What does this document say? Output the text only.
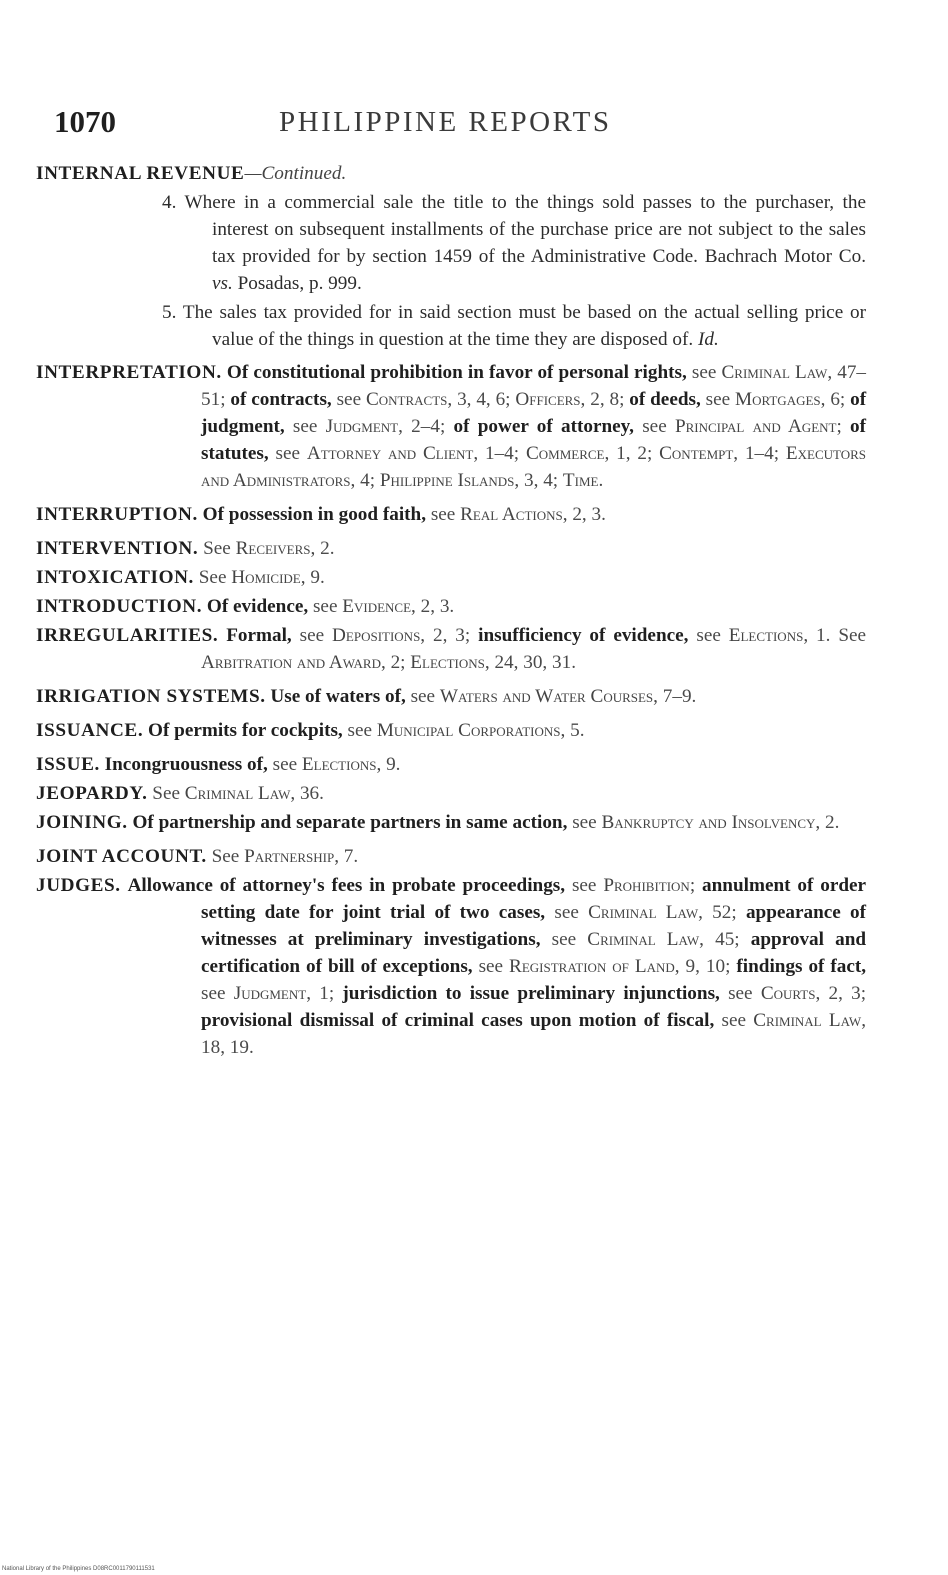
1070	PHILIPPINE REPORTS
INTERNAL REVENUE—Continued.
4. Where in a commercial sale the title to the things sold passes to the purchaser, the interest on subsequent installments of the purchase price are not subject to the sales tax provided for by section 1459 of the Administrative Code. Bachrach Motor Co. vs. Posadas, p. 999.
5. The sales tax provided for in said section must be based on the actual selling price or value of the things in question at the time they are disposed of. Id.
INTERPRETATION. Of constitutional prohibition in favor of personal rights, see Criminal Law, 47–51; of contracts, see Contracts, 3, 4, 6; Officers, 2, 8; of deeds, see Mortgages, 6; of judgment, see Judgment, 2–4; of power of attorney, see Principal and Agent; of statutes, see Attorney and Client, 1–4; Commerce, 1, 2; Contempt, 1–4; Executors and Administrators, 4; Philippine Islands, 3, 4; Time.
INTERRUPTION. Of possession in good faith, see Real Actions, 2, 3.
INTERVENTION. See Receivers, 2.
INTOXICATION. See Homicide, 9.
INTRODUCTION. Of evidence, see Evidence, 2, 3.
IRREGULARITIES. Formal, see Depositions, 2, 3; insufficiency of evidence, see Elections, 1. See Arbitration and Award, 2; Elections, 24, 30, 31.
IRRIGATION SYSTEMS. Use of waters of, see Waters and Water Courses, 7–9.
ISSUANCE. Of permits for cockpits, see Municipal Corporations, 5.
ISSUE. Incongruousness of, see Elections, 9.
JEOPARDY. See Criminal Law, 36.
JOINING. Of partnership and separate partners in same action, see Bankruptcy and Insolvency, 2.
JOINT ACCOUNT. See Partnership, 7.
JUDGES. Allowance of attorney's fees in probate proceedings, see Prohibition; annulment of order setting date for joint trial of two cases, see Criminal Law, 52; appearance of witnesses at preliminary investigations, see Criminal Law, 45; approval and certification of bill of exceptions, see Registration of Land, 9, 10; findings of fact, see Judgment, 1; jurisdiction to issue preliminary injunctions, see Courts, 2, 3; provisional dismissal of criminal cases upon motion of fiscal, see Criminal Law, 18, 19.
National Library of the Philippines D08RC0011790111531
